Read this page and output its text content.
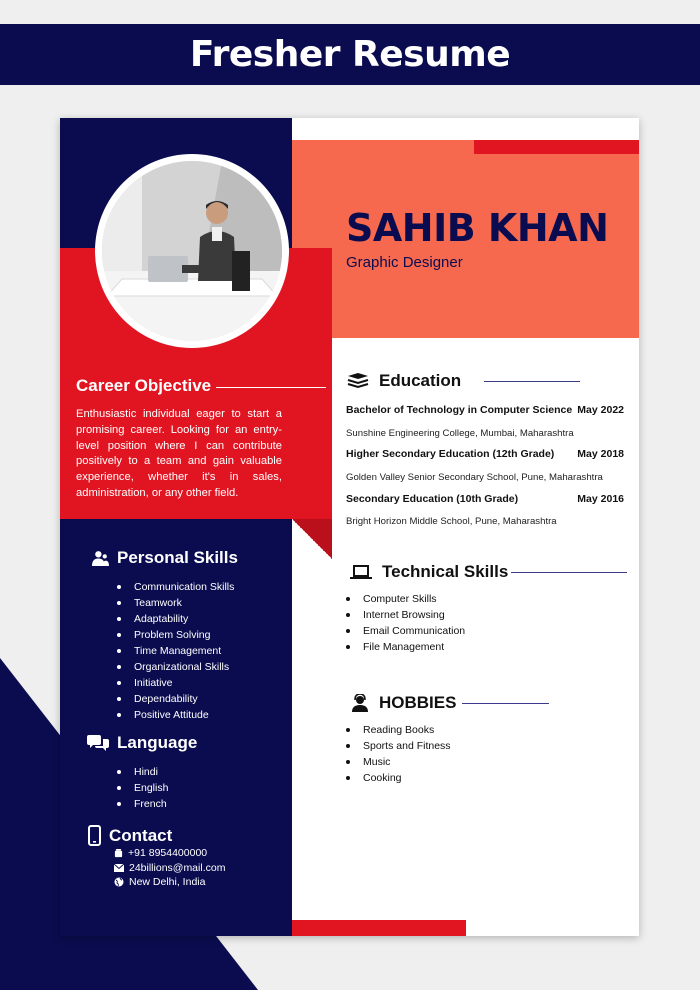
Fresher Resume
SAHIB KHAN
Graphic Designer
Career Objective

Enthusiastic individual eager to start a promising career. Looking for an entry-level position where I can contribute positively to a team and gain valuable experience, whether it's in sales, administration, or any other field.

Personal Skills
Communication Skills
Teamwork
Adaptability
Problem Solving
Time Management
Organizational Skills
Initiative
Dependability
Positive Attitude
Language
Hindi
English
French
Contact
+91 8954400000
24billions@mail.com
New Delhi, India
Education
Bachelor of Technology in Computer Science May 2022
Sunshine Engineering College, Mumbai, Maharashtra
Higher Secondary Education (12th Grade) May 2018
Golden Valley Senior Secondary School, Pune, Maharashtra
Secondary Education (10th Grade)	May 2016
Bright Horizon Middle School, Pune, Maharashtra
Technical Skills
Computer Skills
Internet Browsing
Email Communication
File Management
HOBBIES
Reading Books
Sports and Fitness
Music
Cooking
